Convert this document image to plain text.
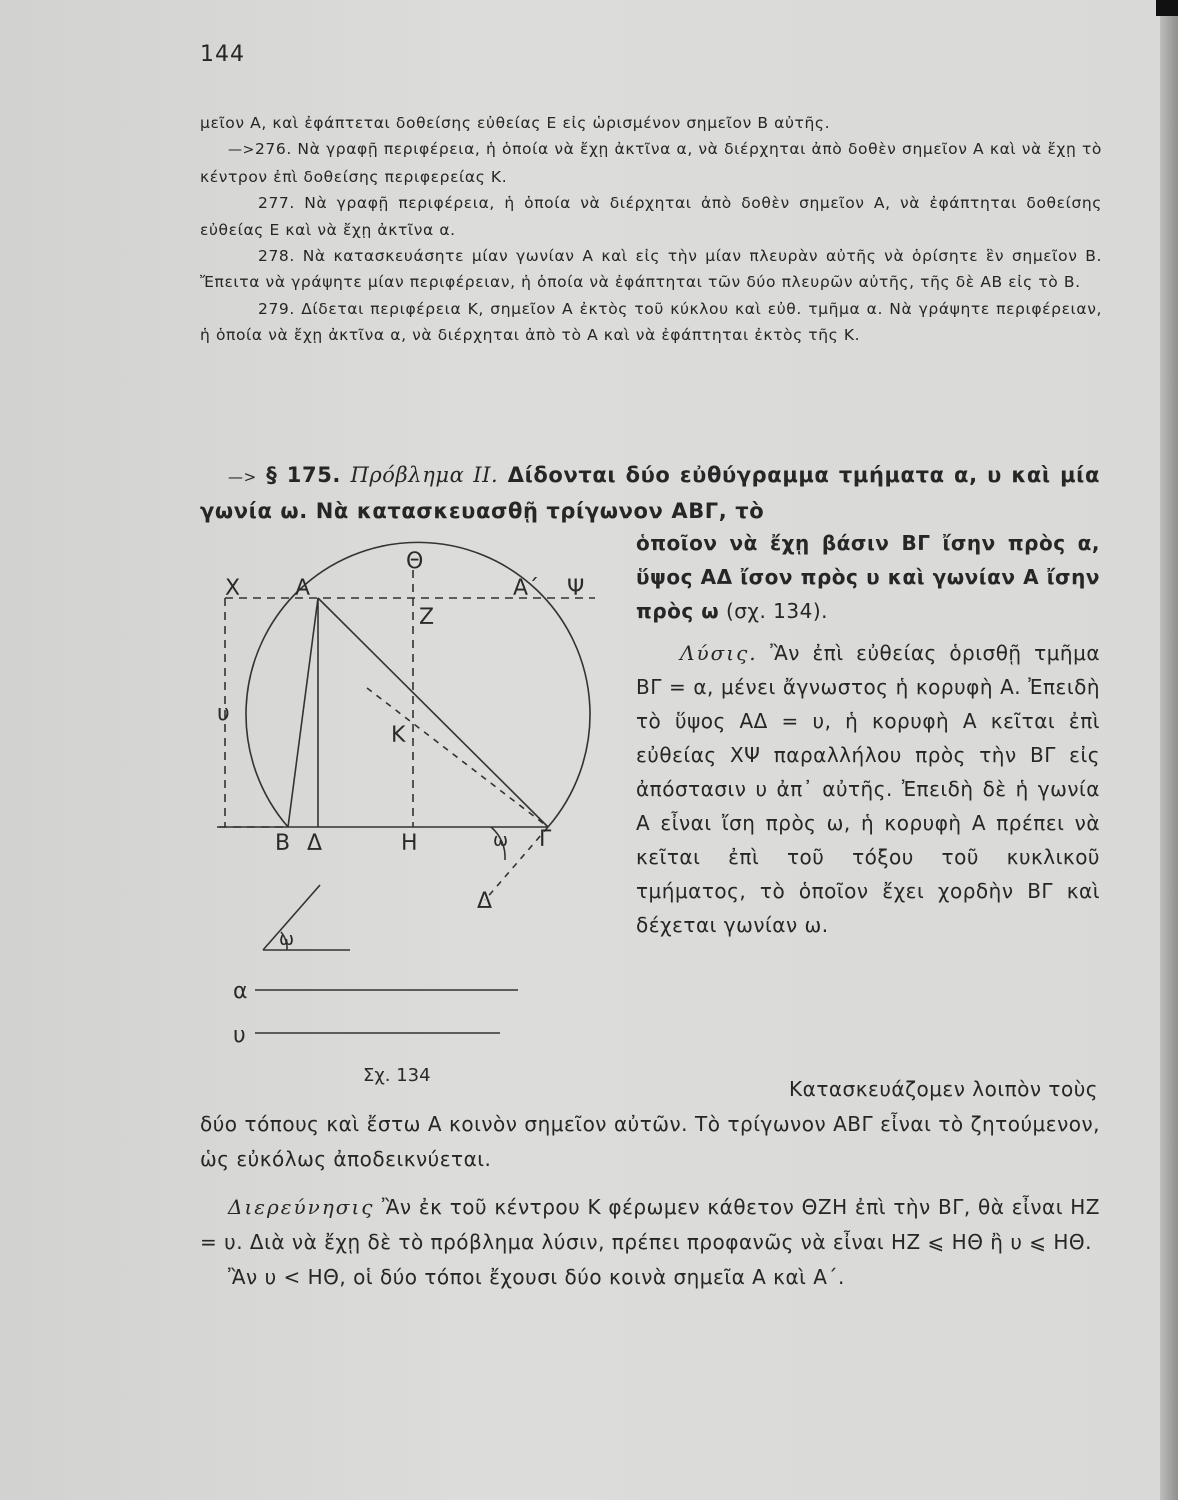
144

μεῖον Α, καὶ ἐφάπτεται δοθείσης εὐθείας Ε εἰς ὡρισμένον σημεῖον Β αὐτῆς.

—>276. Νὰ γραφῇ περιφέρεια, ἡ ὁποία νὰ ἔχῃ ἀκτῖνα α, νὰ διέρχηται ἀπὸ δοθὲν σημεῖον Α καὶ νὰ ἔχῃ τὸ κέντρον ἐπὶ δοθείσης περιφερείας Κ.

277. Νὰ γραφῇ περιφέρεια, ἡ ὁποία νὰ διέρχηται ἀπὸ δοθὲν σημεῖον Α, νὰ ἐφάπτηται δοθείσης εὐθείας Ε καὶ νὰ ἔχῃ ἀκτῖνα α.

278. Νὰ κατασκευάσητε μίαν γωνίαν Α καὶ εἰς τὴν μίαν πλευρὰν αὐτῆς νὰ ὁρίσητε ἓν σημεῖον Β. Ἔπειτα νὰ γράψητε μίαν περιφέρειαν, ἡ ὁποία νὰ ἐφάπτηται τῶν δύο πλευρῶν αὐτῆς, τῆς δὲ ΑΒ εἰς τὸ Β.

279. Δίδεται περιφέρεια Κ, σημεῖον Α ἐκτὸς τοῦ κύκλου καὶ εὐθ. τμῆμα α. Νὰ γράψητε περιφέρειαν, ἡ ὁποία νὰ ἔχῃ ἀκτῖνα α, νὰ διέρχηται ἀπὸ τὸ Α καὶ νὰ ἐφάπτηται ἐκτὸς τῆς Κ.

—> § 175. Πρόβλημα ΙΙ. Δίδονται δύο εὐθύγραμμα τμήματα α, υ καὶ μία γωνία ω. Νὰ κατασκευασθῇ τρίγωνον ΑΒΓ, τὸ
Θ
Χ Α	Α΄ Ψ
Ζ
Κ
υ
Β Δ	Η	ω Γ
Δ
ω
α
υ
Σχ. 134

ὁποῖον νὰ ἔχῃ βάσιν ΒΓ ἴσην πρὸς α, ὕψος ΑΔ ἴσον πρὸς υ καὶ γωνίαν Α ἴσην πρὸς ω (σχ. 134).

Λύσις. Ἂν ἐπὶ εὐθείας ὁρισθῇ τμῆμα ΒΓ = α, μένει ἄγνωστος ἡ κορυφὴ Α. Ἐπειδὴ τὸ ὕψος ΑΔ = υ, ἡ κορυφὴ Α κεῖται ἐπὶ εὐθείας ΧΨ παραλλήλου πρὸς τὴν ΒΓ εἰς ἀπόστασιν υ ἀπ᾿ αὐτῆς. Ἐπειδὴ δὲ ἡ γωνία Α εἶναι ἴση πρὸς ω, ἡ κορυφὴ Α πρέπει νὰ κεῖται ἐπὶ τοῦ τόξου τοῦ κυκλικοῦ τμήματος, τὸ ὁποῖον ἔχει χορδὴν ΒΓ καὶ δέχεται γωνίαν ω.

Κατασκευάζομεν λοιπὸν τοὺς

δύο τόπους καὶ ἔστω Α κοινὸν σημεῖον αὐτῶν. Τὸ τρίγωνον ΑΒΓ εἶναι τὸ ζητούμενον, ὡς εὐκόλως ἀποδεικνύεται.

Διερεύνησις Ἂν ἐκ τοῦ κέντρου Κ φέρωμεν κάθετον ΘΖΗ ἐπὶ τὴν ΒΓ, θὰ εἶναι ΗΖ = υ. Διὰ νὰ ἔχῃ δὲ τὸ πρόβλημα λύσιν, πρέπει προφανῶς νὰ εἶναι ΗΖ ⩽ ΗΘ ἢ υ ⩽ ΗΘ.

Ἂν υ < ΗΘ, οἱ δύο τόποι ἔχουσι δύο κοινὰ σημεῖα Α καὶ Α΄.
